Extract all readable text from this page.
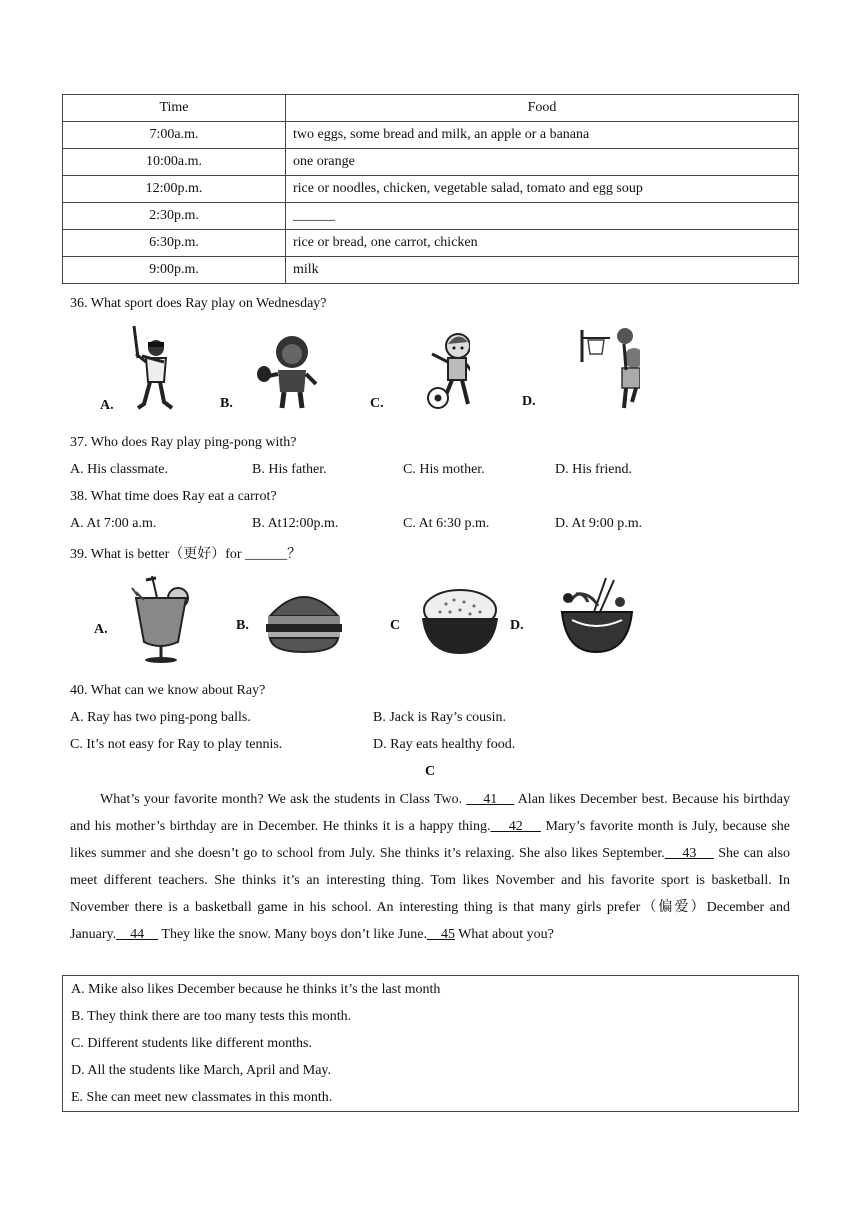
Time	Food
7:00a.m.	two eggs, some bread and milk, an apple or a banana
10:00a.m.	one orange
12:00p.m.	rice or noodles, chicken, vegetable salad, tomato and egg soup
2:30p.m.	______
6:30p.m.	rice or bread, one carrot, chicken
9:00p.m.	milk
36. What sport does Ray play on Wednesday?
A.	B.	C.	D.
37. Who does Ray play ping-pong with?
A. His classmate.	B. His father.	C. His mother.	D. His friend.
38. What time does Ray eat a carrot?
A. At 7:00 a.m.	B. At12:00p.m.	C. At 6:30 p.m.	D. At 9:00 p.m.
39. What is better（更好）for ______？
A.	B.	C	D.
40. What can we know about Ray?
A. Ray has two ping-pong balls.	B. Jack is Ray’s cousin.
C. It’s not easy for Ray to play tennis.	D. Ray eats healthy food.
C
What’s your favorite month? We ask the students in Class Two.     41     Alan likes December best. Because his birthday and his mother’s birthday are in December. He thinks it is a happy thing.    42     Mary’s favorite month is July, because she likes summer and she doesn’t go to school from July. She thinks it’s relaxing. She also likes September.    43     She can also meet different teachers. She thinks it’s an interesting thing. Tom likes November and his favorite sport is basketball. In November there is a basketball game in his school. An interesting thing is that many girls prefer（偏爱）December and January.    44     They like the snow. Many boys don’t like June.    45 What about you?
A. Mike also likes December because he thinks it’s the last month
B. They think there are too many tests this month.
C. Different students like different months.
D. All the students like March, April and May.
E. She can meet new classmates in this month.
